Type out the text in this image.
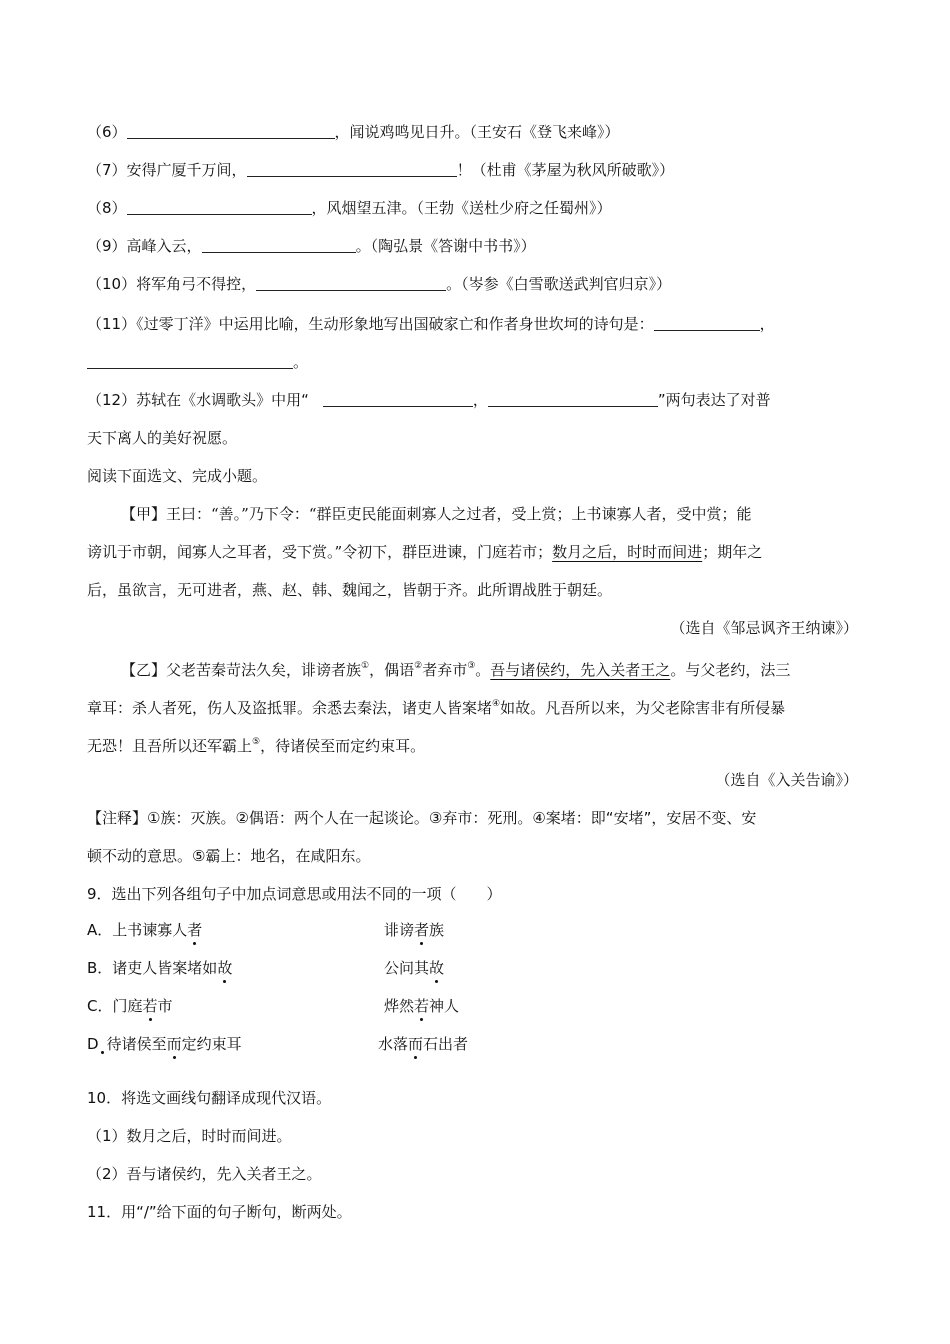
（6）	，闻说鸡鸣见日升。（王安石《登飞来峰》）
（7）安得广厦千万间，	！（杜甫《茅屋为秋风所破歌》）
（8）	，风烟望五津。（王勃《送杜少府之任蜀州》）
（9）高峰入云，	。（陶弘景《答谢中书书》）
（10）将军角弓不得控，	。（岑参《白雪歌送武判官归京》）
（11）《过零丁洋》中运用比喻，生动形象地写出国破家亡和作者身世坎坷的诗句是：	，
。
（12）苏轼在《水调歌头》中用“	，	”两句表达了对普
天下离人的美好祝愿。
阅读下面选文、完成小题。
【甲】王曰：“善。”乃下令：“群臣吏民能面刺寡人之过者，受上赏；上书谏寡人者，受中赏；能
谤讥于市朝，闻寡人之耳者，受下赏。”令初下，群臣进谏，门庭若市；数月之后，时时而间进；期年之
后，虽欲言，无可进者，燕、赵、韩、魏闻之，皆朝于齐。此所谓战胜于朝廷。
（选自《邹忌讽齐王纳谏》）
【乙】父老苦秦苛法久矣，诽谤者族①，偶语②者弃市③。吾与诸侯约，先入关者王之。与父老约，法三
章耳：杀人者死，伤人及盗抵罪。余悉去秦法，诸吏人皆案堵④如故。凡吾所以来，为父老除害非有所侵暴
无恐！且吾所以还军霸上⑤，待诸侯至而定约束耳。
（选自《入关告谕》）
【注释】①族：灭族。②偶语：两个人在一起谈论。③弃市：死刑。④案堵：即“安堵”，安居不变、安
顿不动的意思。⑤霸上：地名，在咸阳东。
9．选出下列各组句子中加点词意思或用法不同的一项（　　）
A．上书谏寡人者	诽谤者族
B．诸吏人皆案堵如故	公问其故
C．门庭若市	烨然若神人
D 待诸侯至而定约束耳	水落而石出者
10．将选文画线句翻译成现代汉语。
（1）数月之后，时时而间进。
（2）吾与诸侯约，先入关者王之。
11．用“/”给下面的句子断句，断两处。
